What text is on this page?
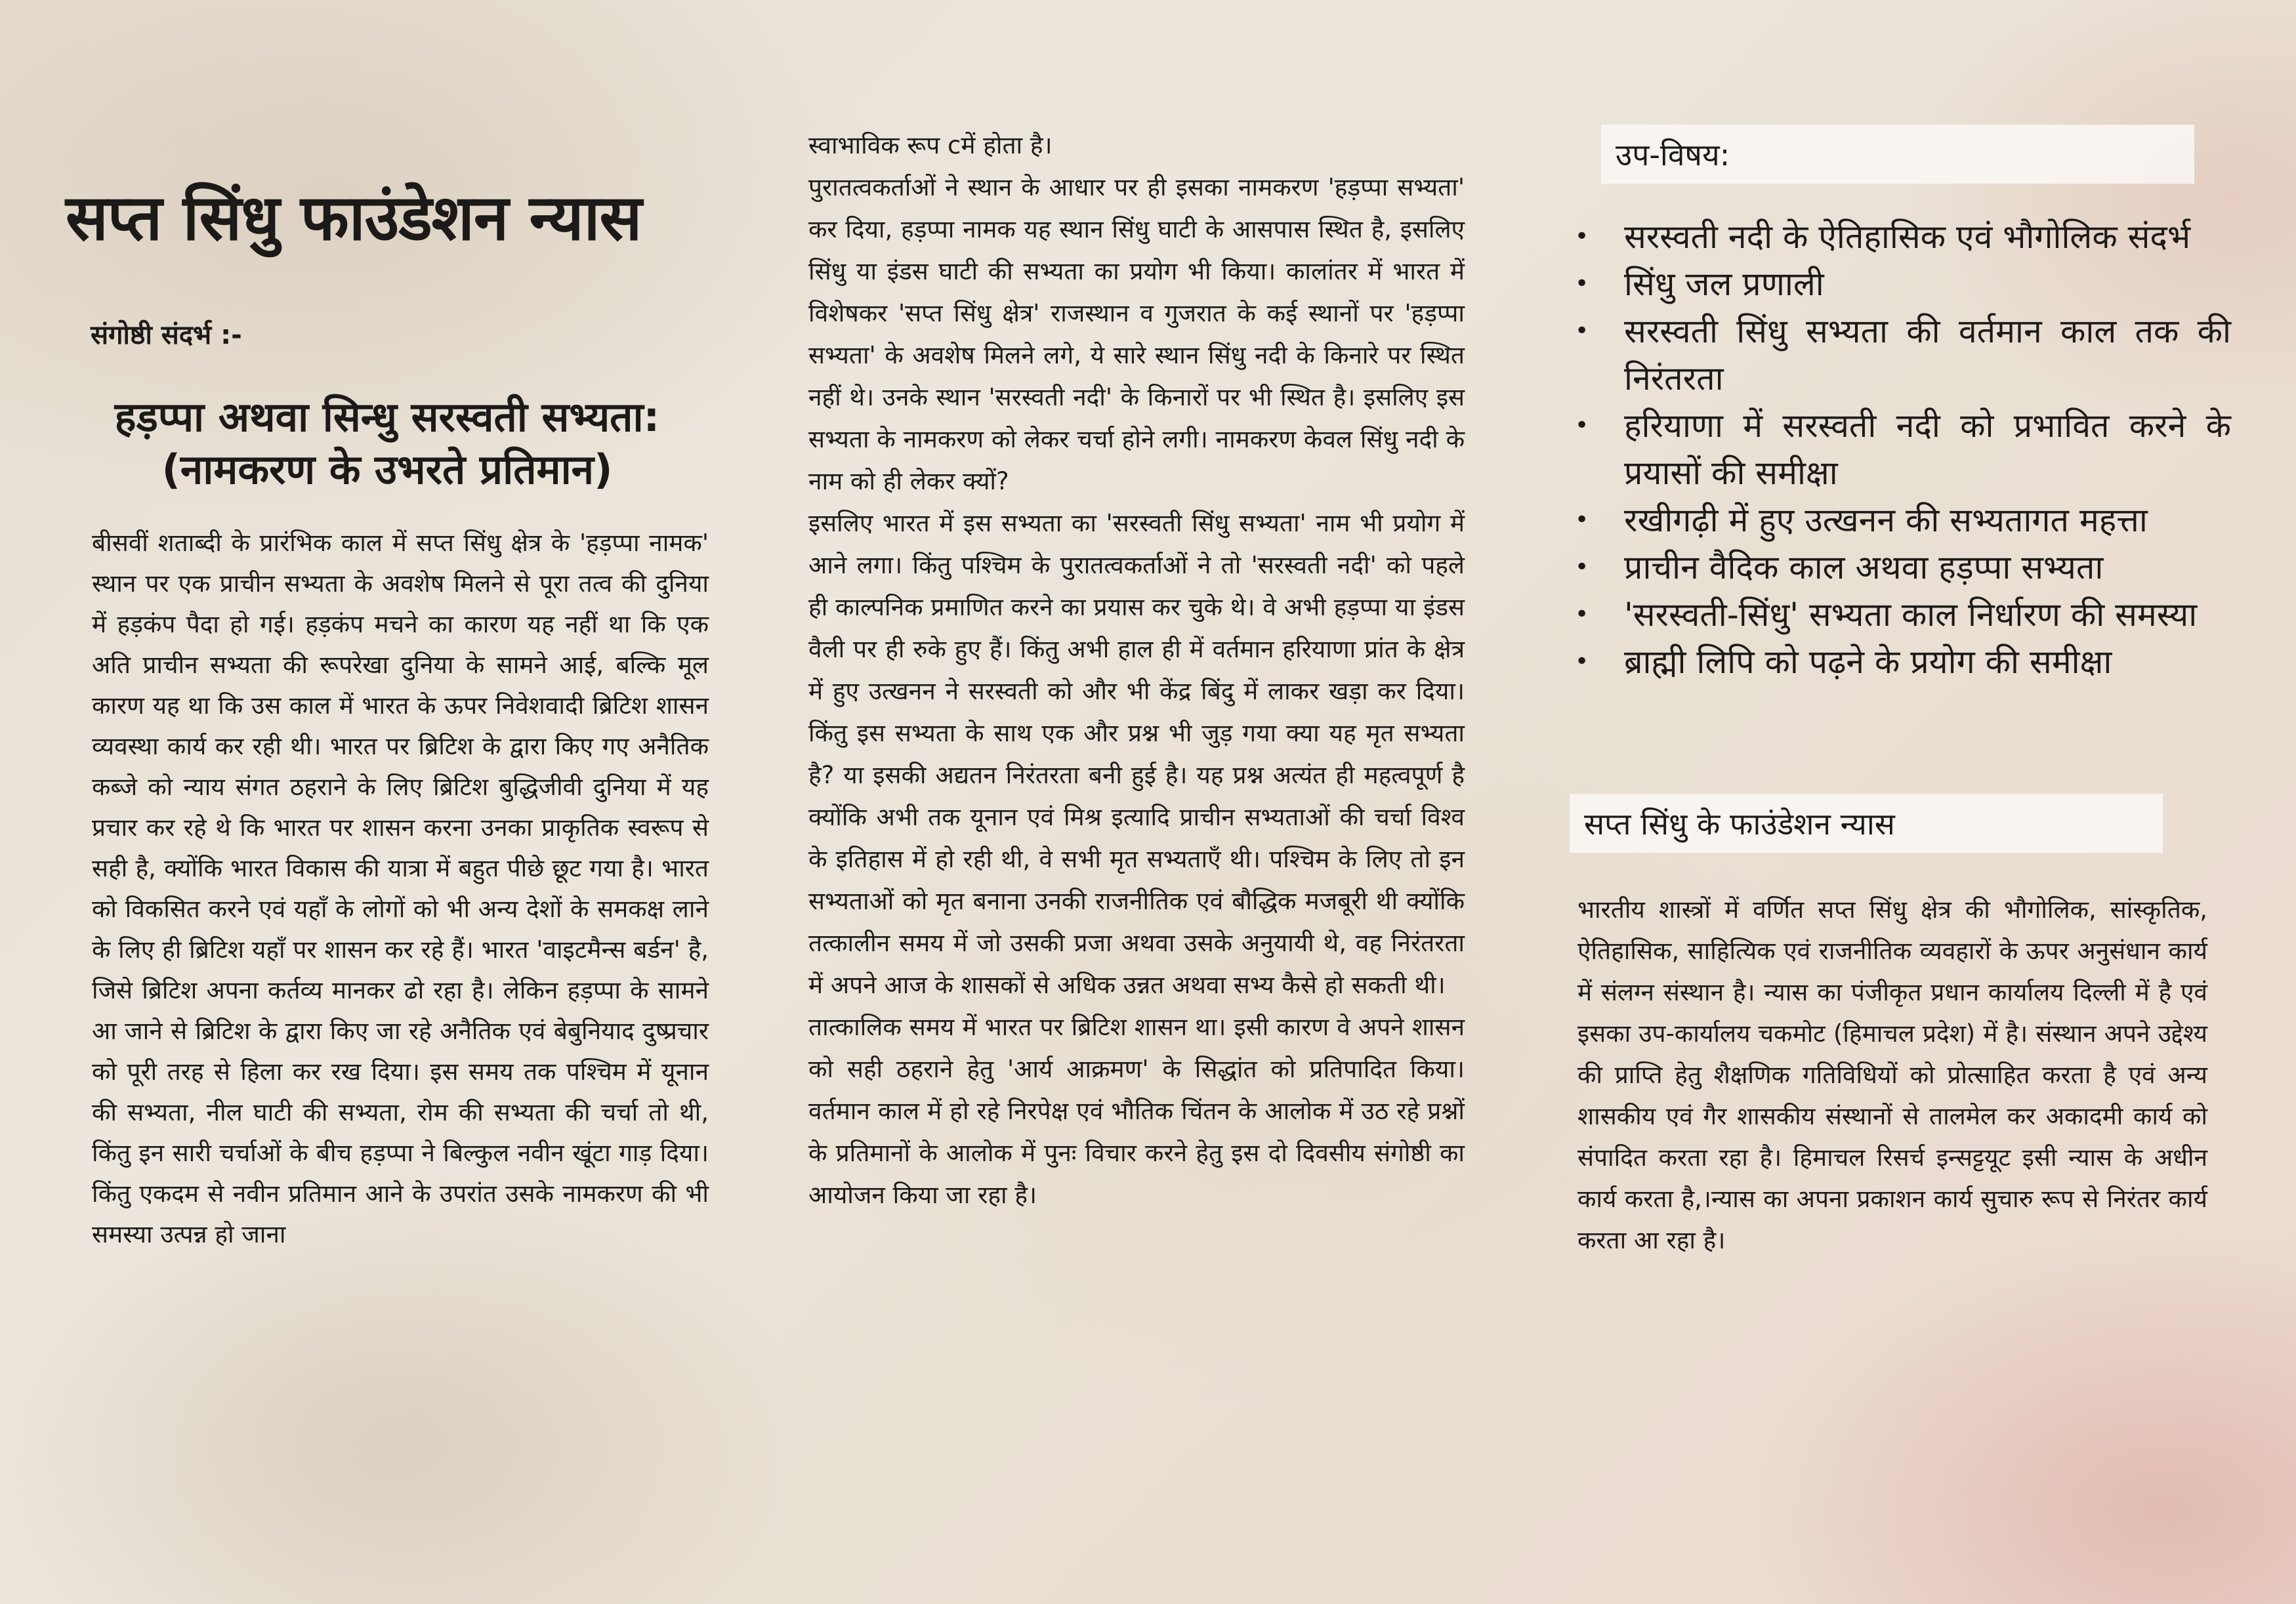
सप्त सिंधु फाउंडेशन न्यास
संगोष्ठी संदर्भ :-
हड़प्पा अथवा सिन्धु सरस्वती सभ्यता:
(नामकरण के उभरते प्रतिमान)

बीसवीं शताब्दी के प्रारंभिक काल में सप्त सिंधु क्षेत्र के 'हड़प्पा नामक' स्थान पर एक प्राचीन सभ्यता के अवशेष मिलने से पूरा तत्व की दुनिया में हड़कंप पैदा हो गई। हड़कंप मचने का कारण यह नहीं था कि एक अति प्राचीन सभ्यता की रूपरेखा दुनिया के सामने आई, बल्कि मूल कारण यह था कि उस काल में भारत के ऊपर निवेशवादी ब्रिटिश शासन व्यवस्था कार्य कर रही थी। भारत पर ब्रिटिश के द्वारा किए गए अनैतिक कब्जे को न्याय संगत ठहराने के लिए ब्रिटिश बुद्धिजीवी दुनिया में यह प्रचार कर रहे थे कि भारत पर शासन करना उनका प्राकृतिक स्वरूप से सही है, क्योंकि भारत विकास की यात्रा में बहुत पीछे छूट गया है। भारत को विकसित करने एवं यहाँ के लोगों को भी अन्य देशों के समकक्ष लाने के लिए ही ब्रिटिश यहाँ पर शासन कर रहे हैं। भारत 'वाइटमैन्स बर्डन' है, जिसे ब्रिटिश अपना कर्तव्य मानकर ढो रहा है। लेकिन हड़प्पा के सामने आ जाने से ब्रिटिश के द्वारा किए जा रहे अनैतिक एवं बेबुनियाद दुष्प्रचार को पूरी तरह से हिला कर रख दिया। इस समय तक पश्चिम में यूनान की सभ्यता, नील घाटी की सभ्यता, रोम की सभ्यता की चर्चा तो थी, किंतु इन सारी चर्चाओं के बीच हड़प्पा ने बिल्कुल नवीन खूंटा गाड़ दिया। किंतु एकदम से नवीन प्रतिमान आने के उपरांत उसके नामकरण की भी समस्या उत्पन्न हो जाना

स्वाभाविक रूप cमें होता है।

पुरातत्वकर्ताओं ने स्थान के आधार पर ही इसका नामकरण 'हड़प्पा सभ्यता' कर दिया, हड़प्पा नामक यह स्थान सिंधु घाटी के आसपास स्थित है, इसलिए सिंधु या इंडस घाटी की सभ्यता का प्रयोग भी किया। कालांतर में भारत में विशेषकर 'सप्त सिंधु क्षेत्र' राजस्थान व गुजरात के कई स्थानों पर 'हड़प्पा सभ्यता' के अवशेष मिलने लगे, ये सारे स्थान सिंधु नदी के किनारे पर स्थित नहीं थे। उनके स्थान 'सरस्वती नदी' के किनारों पर भी स्थित है। इसलिए इस सभ्यता के नामकरण को लेकर चर्चा होने लगी। नामकरण केवल सिंधु नदी के नाम को ही लेकर क्यों?

इसलिए भारत में इस सभ्यता का 'सरस्वती सिंधु सभ्यता' नाम भी प्रयोग में आने लगा। किंतु पश्चिम के पुरातत्वकर्ताओं ने तो 'सरस्वती नदी' को पहले ही काल्पनिक प्रमाणित करने का प्रयास कर चुके थे। वे अभी हड़प्पा या इंडस वैली पर ही रुके हुए हैं। किंतु अभी हाल ही में वर्तमान हरियाणा प्रांत के क्षेत्र में हुए उत्खनन ने सरस्वती को और भी केंद्र बिंदु में लाकर खड़ा कर दिया। किंतु इस सभ्यता के साथ एक और प्रश्न भी जुड़ गया क्या यह मृत सभ्यता है? या इसकी अद्यतन निरंतरता बनी हुई है। यह प्रश्न अत्यंत ही महत्वपूर्ण है क्योंकि अभी तक यूनान एवं मिश्र इत्यादि प्राचीन सभ्यताओं की चर्चा विश्व के इतिहास में हो रही थी, वे सभी मृत सभ्यताएँ थी। पश्चिम के लिए तो इन सभ्यताओं को मृत बनाना उनकी राजनीतिक एवं बौद्धिक मजबूरी थी क्योंकि तत्कालीन समय में जो उसकी प्रजा अथवा उसके अनुयायी थे, वह निरंतरता में अपने आज के शासकों से अधिक उन्नत अथवा सभ्य कैसे हो सकती थी।

तात्कालिक समय में भारत पर ब्रिटिश शासन था। इसी कारण वे अपने शासन को सही ठहराने हेतु 'आर्य आक्रमण' के सिद्धांत को प्रतिपादित किया। वर्तमान काल में हो रहे निरपेक्ष एवं भौतिक चिंतन के आलोक में उठ रहे प्रश्नों के प्रतिमानों के आलोक में पुनः विचार करने हेतु इस दो दिवसीय संगोष्ठी का आयोजन किया जा रहा है।

उप-विषय:
• सरस्वती नदी के ऐतिहासिक एवं भौगोलिक संदर्भ
• सिंधु जल प्रणाली
• सरस्वती सिंधु सभ्यता की वर्तमान काल तक की निरंतरता
• हरियाणा में सरस्वती नदी को प्रभावित करने के प्रयासों की समीक्षा
• रखीगढ़ी में हुए उत्खनन की सभ्यतागत महत्ता
• प्राचीन वैदिक काल अथवा हड़प्पा सभ्यता
• 'सरस्वती-सिंधु' सभ्यता काल निर्धारण की समस्या
• ब्राह्मी लिपि को पढ़ने के प्रयोग की समीक्षा
सप्त सिंधु के फाउंडेशन न्यास

भारतीय शास्त्रों में वर्णित सप्त सिंधु क्षेत्र की भौगोलिक, सांस्कृतिक, ऐतिहासिक, साहित्यिक एवं राजनीतिक व्यवहारों के ऊपर अनुसंधान कार्य में संलग्न संस्थान है। न्यास का पंजीकृत प्रधान कार्यालय दिल्ली में है एवं इसका उप-कार्यालय चकमोट (हिमाचल प्रदेश) में है। संस्थान अपने उद्देश्य की प्राप्ति हेतु शैक्षणिक गतिविधियों को प्रोत्साहित करता है एवं अन्य शासकीय एवं गैर शासकीय संस्थानों से तालमेल कर अकादमी कार्य को संपादित करता रहा है। हिमाचल रिसर्च इन्सट्टयूट इसी न्यास के अधीन कार्य करता है,।न्यास का अपना प्रकाशन कार्य सुचारु रूप से निरंतर कार्य करता आ रहा है।
